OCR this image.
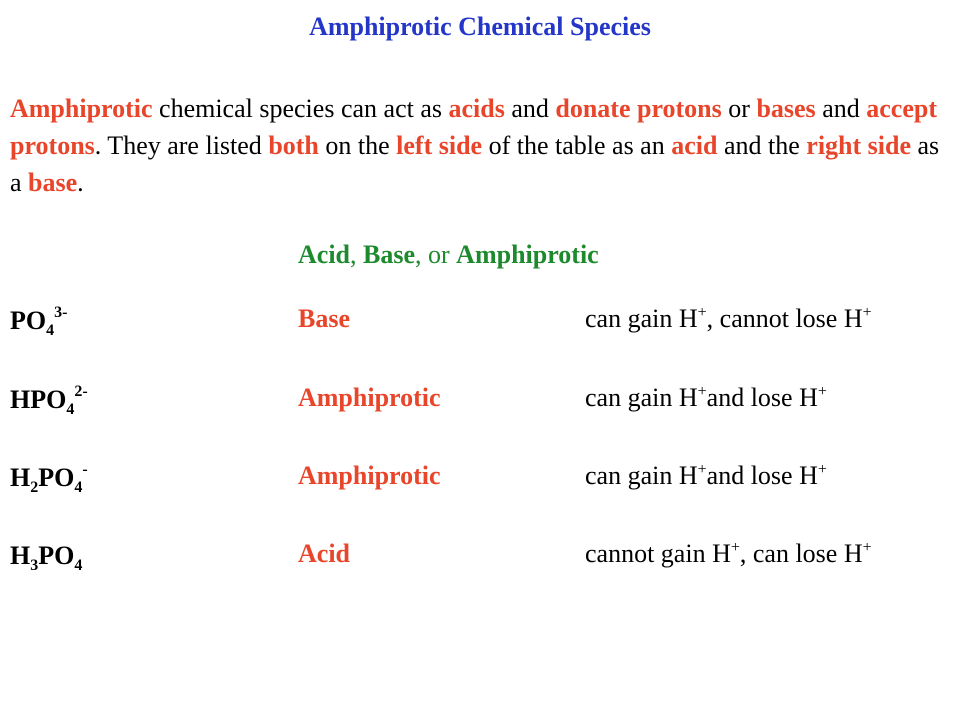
Amphiprotic Chemical Species
Amphiprotic chemical species can act as acids and donate protons or bases and accept protons. They are listed both on the left side of the table as an acid and the right side as a base.
Acid, Base, or Amphiprotic
$PO_4^{3-}$	Base	can gain H+, cannot lose H+
$HPO_4^{2-}$	Amphiprotic	can gain H+and lose H+
$H_2PO_4^-$	Amphiprotic	can gain H+and lose H+
$H_3PO_4$	Acid	cannot gain H+, can lose H+
